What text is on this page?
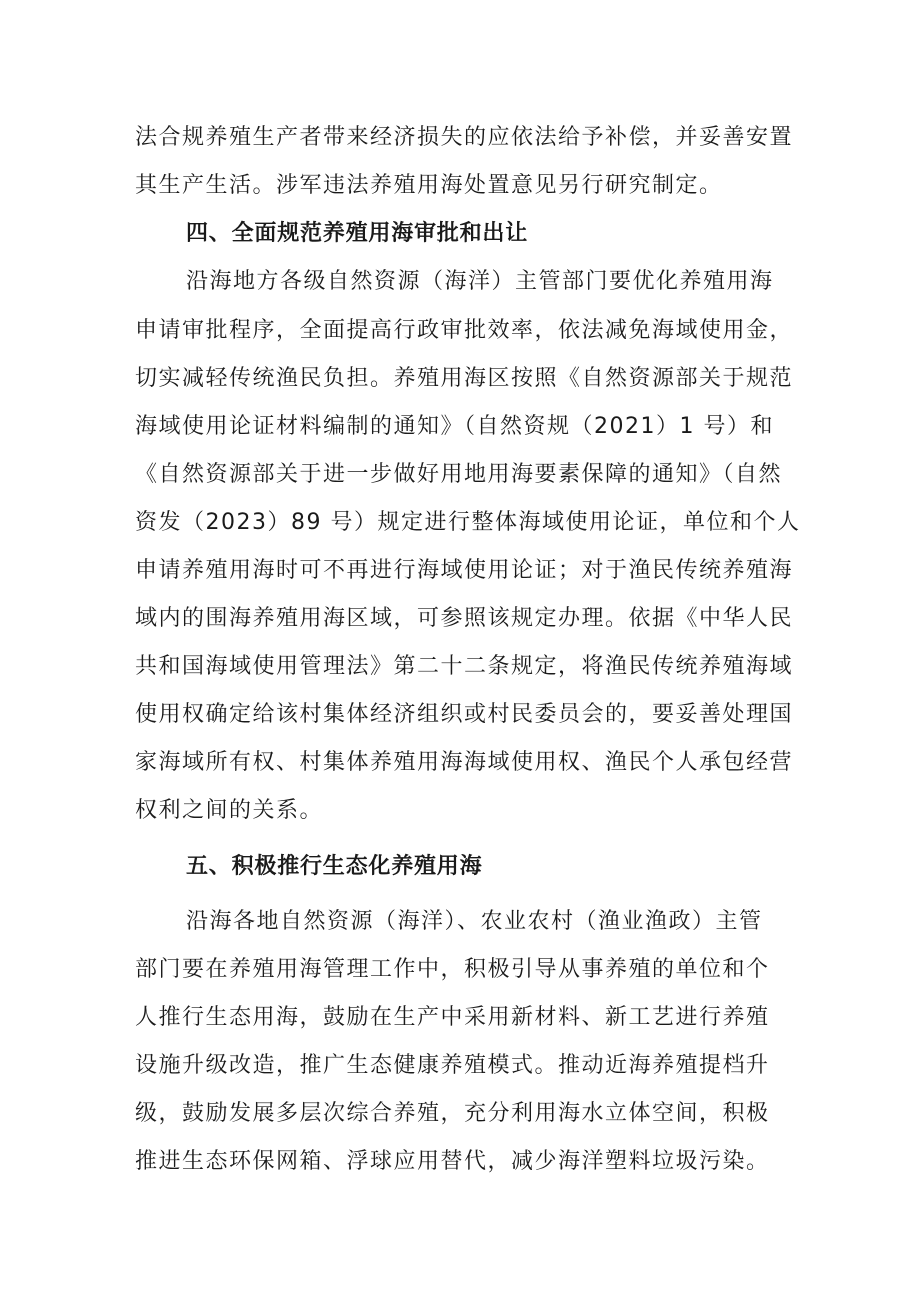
法合规养殖生产者带来经济损失的应依法给予补偿，并妥善安置
其生产生活。涉军违法养殖用海处置意见另行研究制定。
四、全面规范养殖用海审批和出让
沿海地方各级自然资源（海洋）主管部门要优化养殖用海
申请审批程序，全面提高行政审批效率，依法减免海域使用金，
切实减轻传统渔民负担。养殖用海区按照《自然资源部关于规范
海域使用论证材料编制的通知》（自然资规（2021）1 号）和
《自然资源部关于进一步做好用地用海要素保障的通知》（自然
资发（2023）89 号）规定进行整体海域使用论证，单位和个人
申请养殖用海时可不再进行海域使用论证；对于渔民传统养殖海
域内的围海养殖用海区域，可参照该规定办理。依据《中华人民
共和国海域使用管理法》第二十二条规定，将渔民传统养殖海域
使用权确定给该村集体经济组织或村民委员会的，要妥善处理国
家海域所有权、村集体养殖用海海域使用权、渔民个人承包经营
权利之间的关系。
五、积极推行生态化养殖用海
沿海各地自然资源（海洋）、农业农村（渔业渔政）主管
部门要在养殖用海管理工作中，积极引导从事养殖的单位和个
人推行生态用海，鼓励在生产中采用新材料、新工艺进行养殖
设施升级改造，推广生态健康养殖模式。推动近海养殖提档升
级，鼓励发展多层次综合养殖，充分利用海水立体空间，积极
推进生态环保网箱、浮球应用替代，减少海洋塑料垃圾污染。
